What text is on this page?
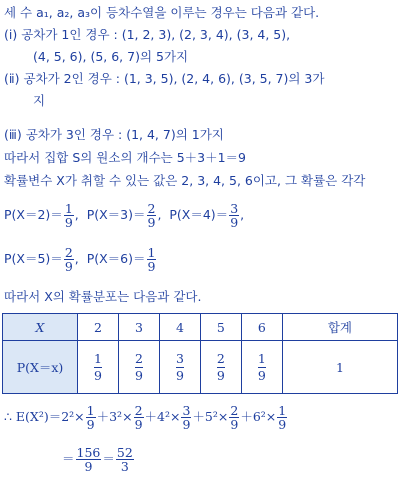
세 수 a₁, a₂, a₃이 등차수열을 이루는 경우는 다음과 같다.
(ⅰ) 공차가 1인 경우 : (1, 2, 3), (2, 3, 4), (3, 4, 5),
(4, 5, 6), (5, 6, 7)의 5가지
(ⅱ) 공차가 2인 경우 : (1, 3, 5), (2, 4, 6), (3, 5, 7)의 3가
지
(ⅲ) 공차가 3인 경우 : (1, 4, 7)의 1가지
따라서 집합 S의 원소의 개수는 5＋3＋1＝9
확률변수 X가 취할 수 있는 값은 2, 3, 4, 5, 6이고, 그 확률은 각각
$P(X=2)= \frac{1}{9}$ ,  $P(X=3)= \frac{2}{9}$ ,  $P(X=4)= \frac{3}{9}$ ,
$P(X=5)= \frac{2}{9}$ ,  $P(X=6)= \frac{1}{9}$
따라서 X의 확률분포는 다음과 같다.
X	2	3	4	5	6	합계
P(X＝x)	$\frac{1}{9}$	$\frac{2}{9}$	$\frac{3}{9}$	$\frac{2}{9}$	$\frac{1}{9}$	1
∴ $E(X^2)=2^2\times \frac{1}{9} +3^2\times \frac{2}{9} +4^2\times \frac{3}{9} +5^2\times \frac{2}{9} +6^2\times \frac{1}{9}$
＝ $\frac{156}{9} = \frac{52}{3}$
